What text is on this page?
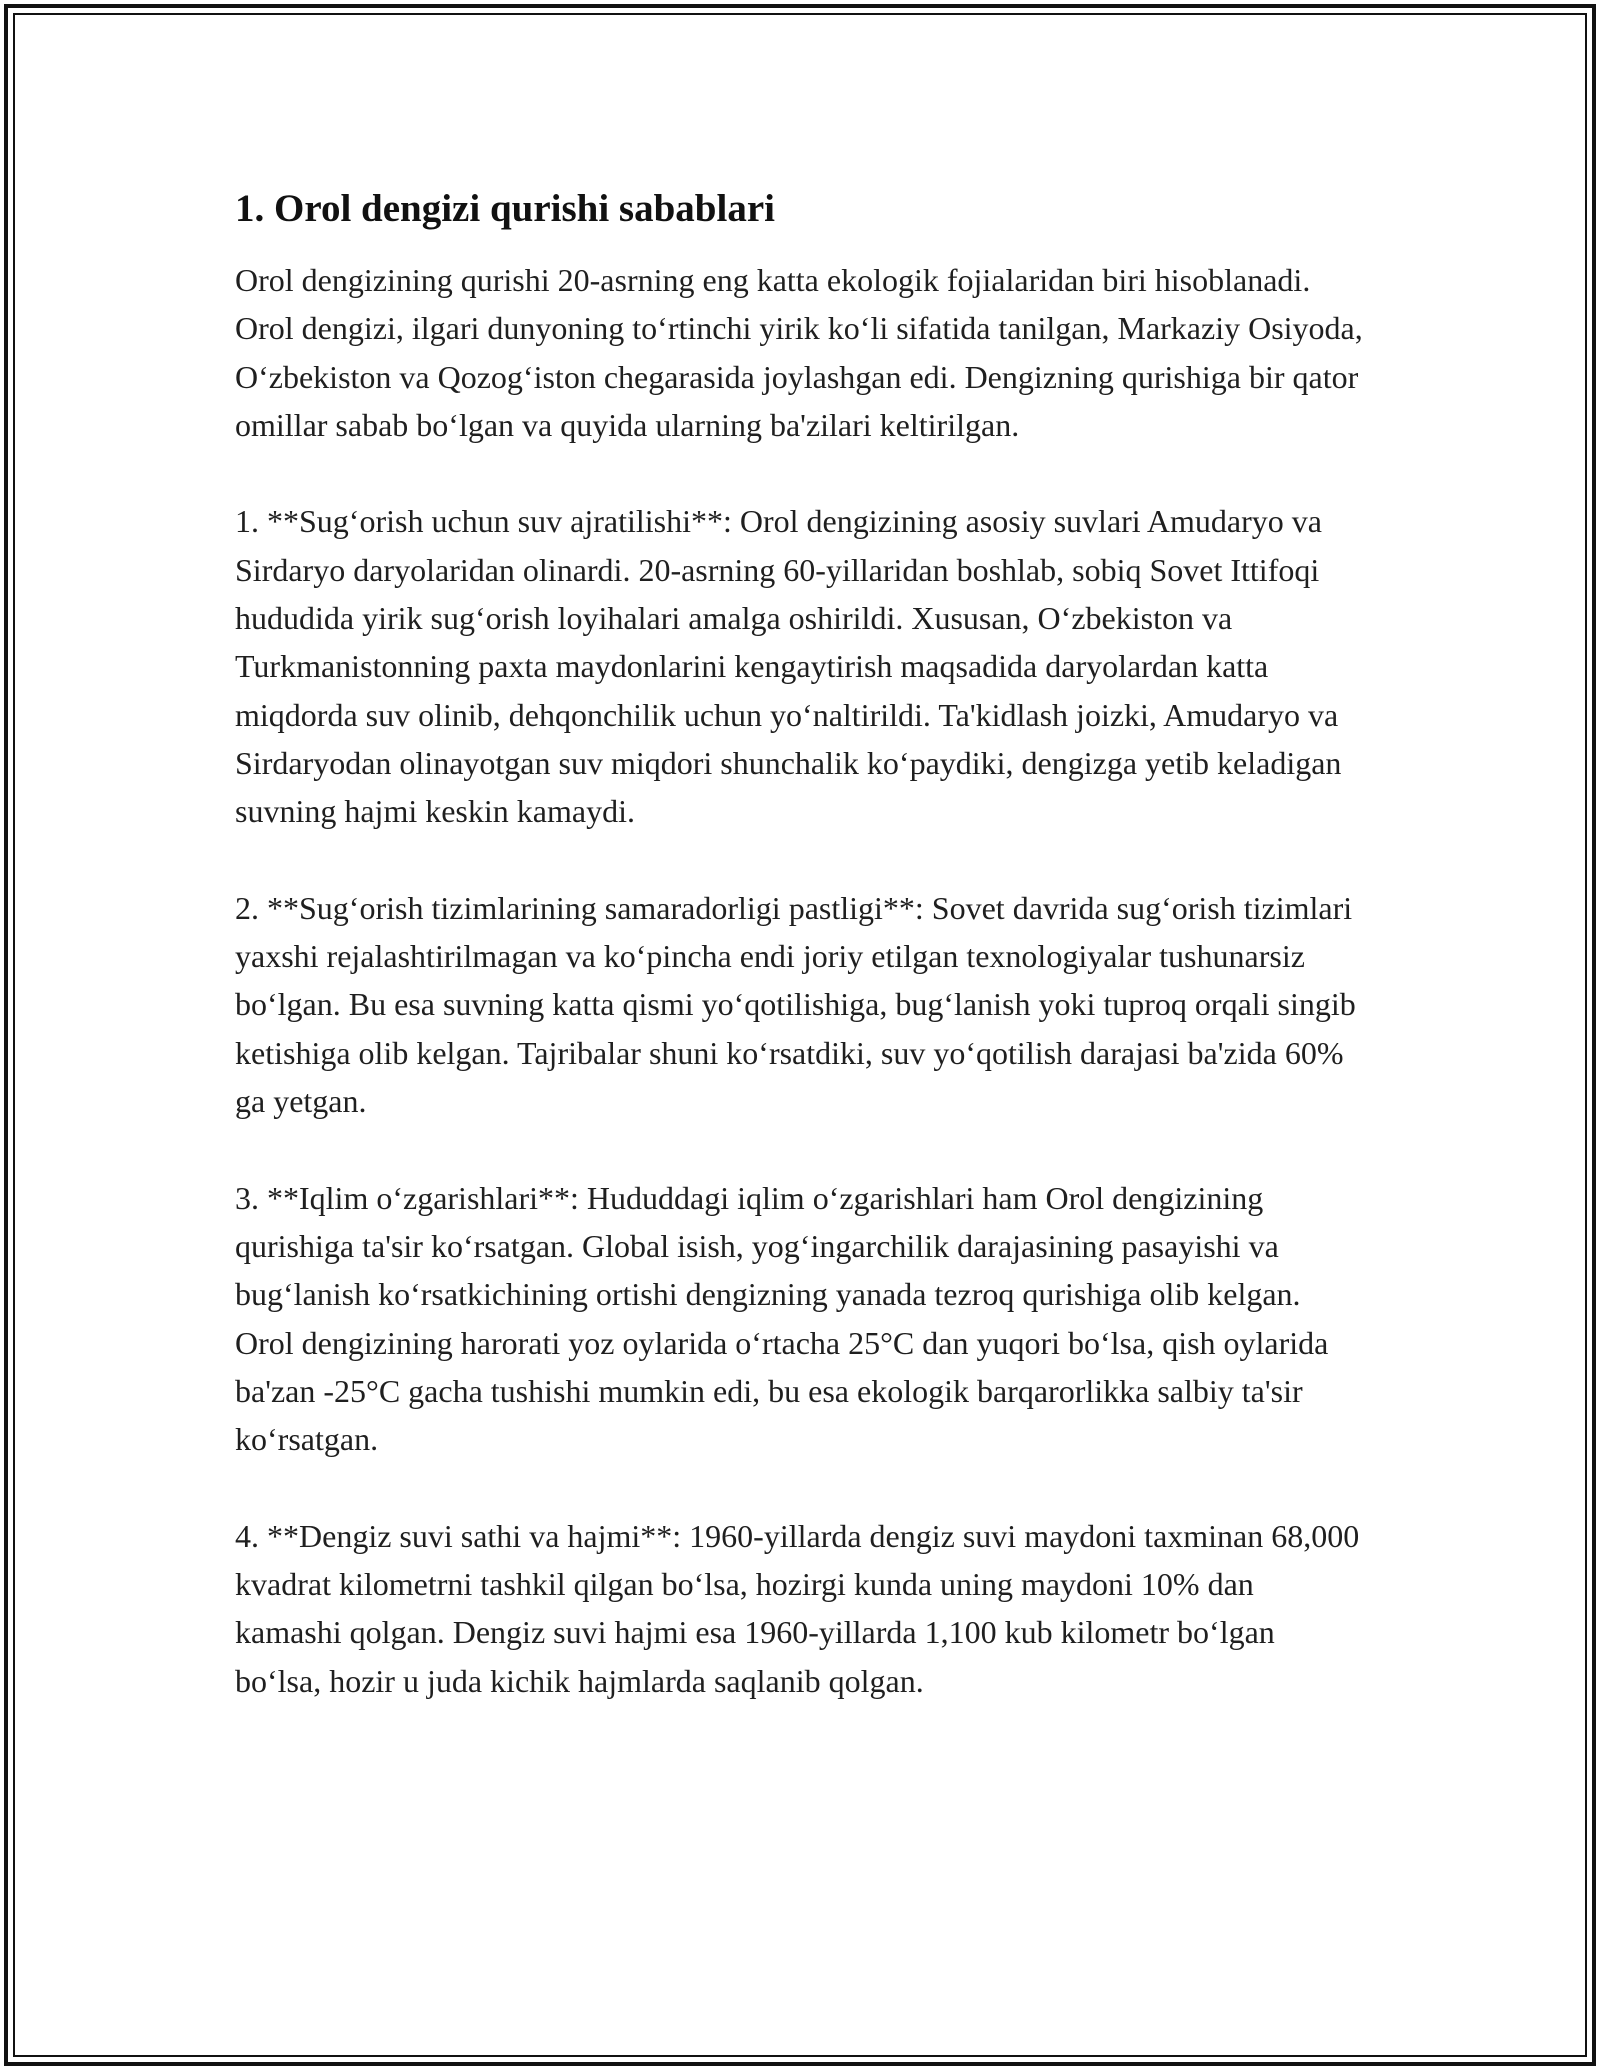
1. Orol dengizi qurishi sabablari

Orol dengizining qurishi 20-asrning eng katta ekologik fojialaridan biri hisoblanadi. Orol dengizi, ilgari dunyoning to‘rtinchi yirik ko‘li sifatida tanilgan, Markaziy Osiyoda, O‘zbekiston va Qozog‘iston chegarasida joylashgan edi. Dengizning qurishiga bir qator omillar sabab bo‘lgan va quyida ularning ba'zilari keltirilgan.

1. **Sug‘orish uchun suv ajratilishi**: Orol dengizining asosiy suvlari Amudaryo va Sirdaryo daryolaridan olinardi. 20-asrning 60-yillaridan boshlab, sobiq Sovet Ittifoqi hududida yirik sug‘orish loyihalari amalga oshirildi. Xususan, O‘zbekiston va Turkmanistonning paxta maydonlarini kengaytirish maqsadida daryolardan katta miqdorda suv olinib, dehqonchilik uchun yo‘naltirildi. Ta'kidlash joizki, Amudaryo va Sirdaryodan olinayotgan suv miqdori shunchalik ko‘paydiki, dengizga yetib keladigan suvning hajmi keskin kamaydi.

2. **Sug‘orish tizimlarining samaradorligi pastligi**: Sovet davrida sug‘orish tizimlari yaxshi rejalashtirilmagan va ko‘pincha endi joriy etilgan texnologiyalar tushunarsiz bo‘lgan. Bu esa suvning katta qismi yo‘qotilishiga, bug‘lanish yoki tuproq orqali singib ketishiga olib kelgan. Tajribalar shuni ko‘rsatdiki, suv yo‘qotilish darajasi ba'zida 60% ga yetgan.

3. **Iqlim o‘zgarishlari**: Hududdagi iqlim o‘zgarishlari ham Orol dengizining qurishiga ta'sir ko‘rsatgan. Global isish, yog‘ingarchilik darajasining pasayishi va bug‘lanish ko‘rsatkichining ortishi dengizning yanada tezroq qurishiga olib kelgan. Orol dengizining harorati yoz oylarida o‘rtacha 25°C dan yuqori bo‘lsa, qish oylarida ba'zan -25°C gacha tushishi mumkin edi, bu esa ekologik barqarorlikka salbiy ta'sir ko‘rsatgan.

4. **Dengiz suvi sathi va hajmi**: 1960-yillarda dengiz suvi maydoni taxminan 68,000 kvadrat kilometrni tashkil qilgan bo‘lsa, hozirgi kunda uning maydoni 10% dan kamashi qolgan. Dengiz suvi hajmi esa 1960-yillarda 1,100 kub kilometr bo‘lgan bo‘lsa, hozir u juda kichik hajmlarda saqlanib qolgan.
